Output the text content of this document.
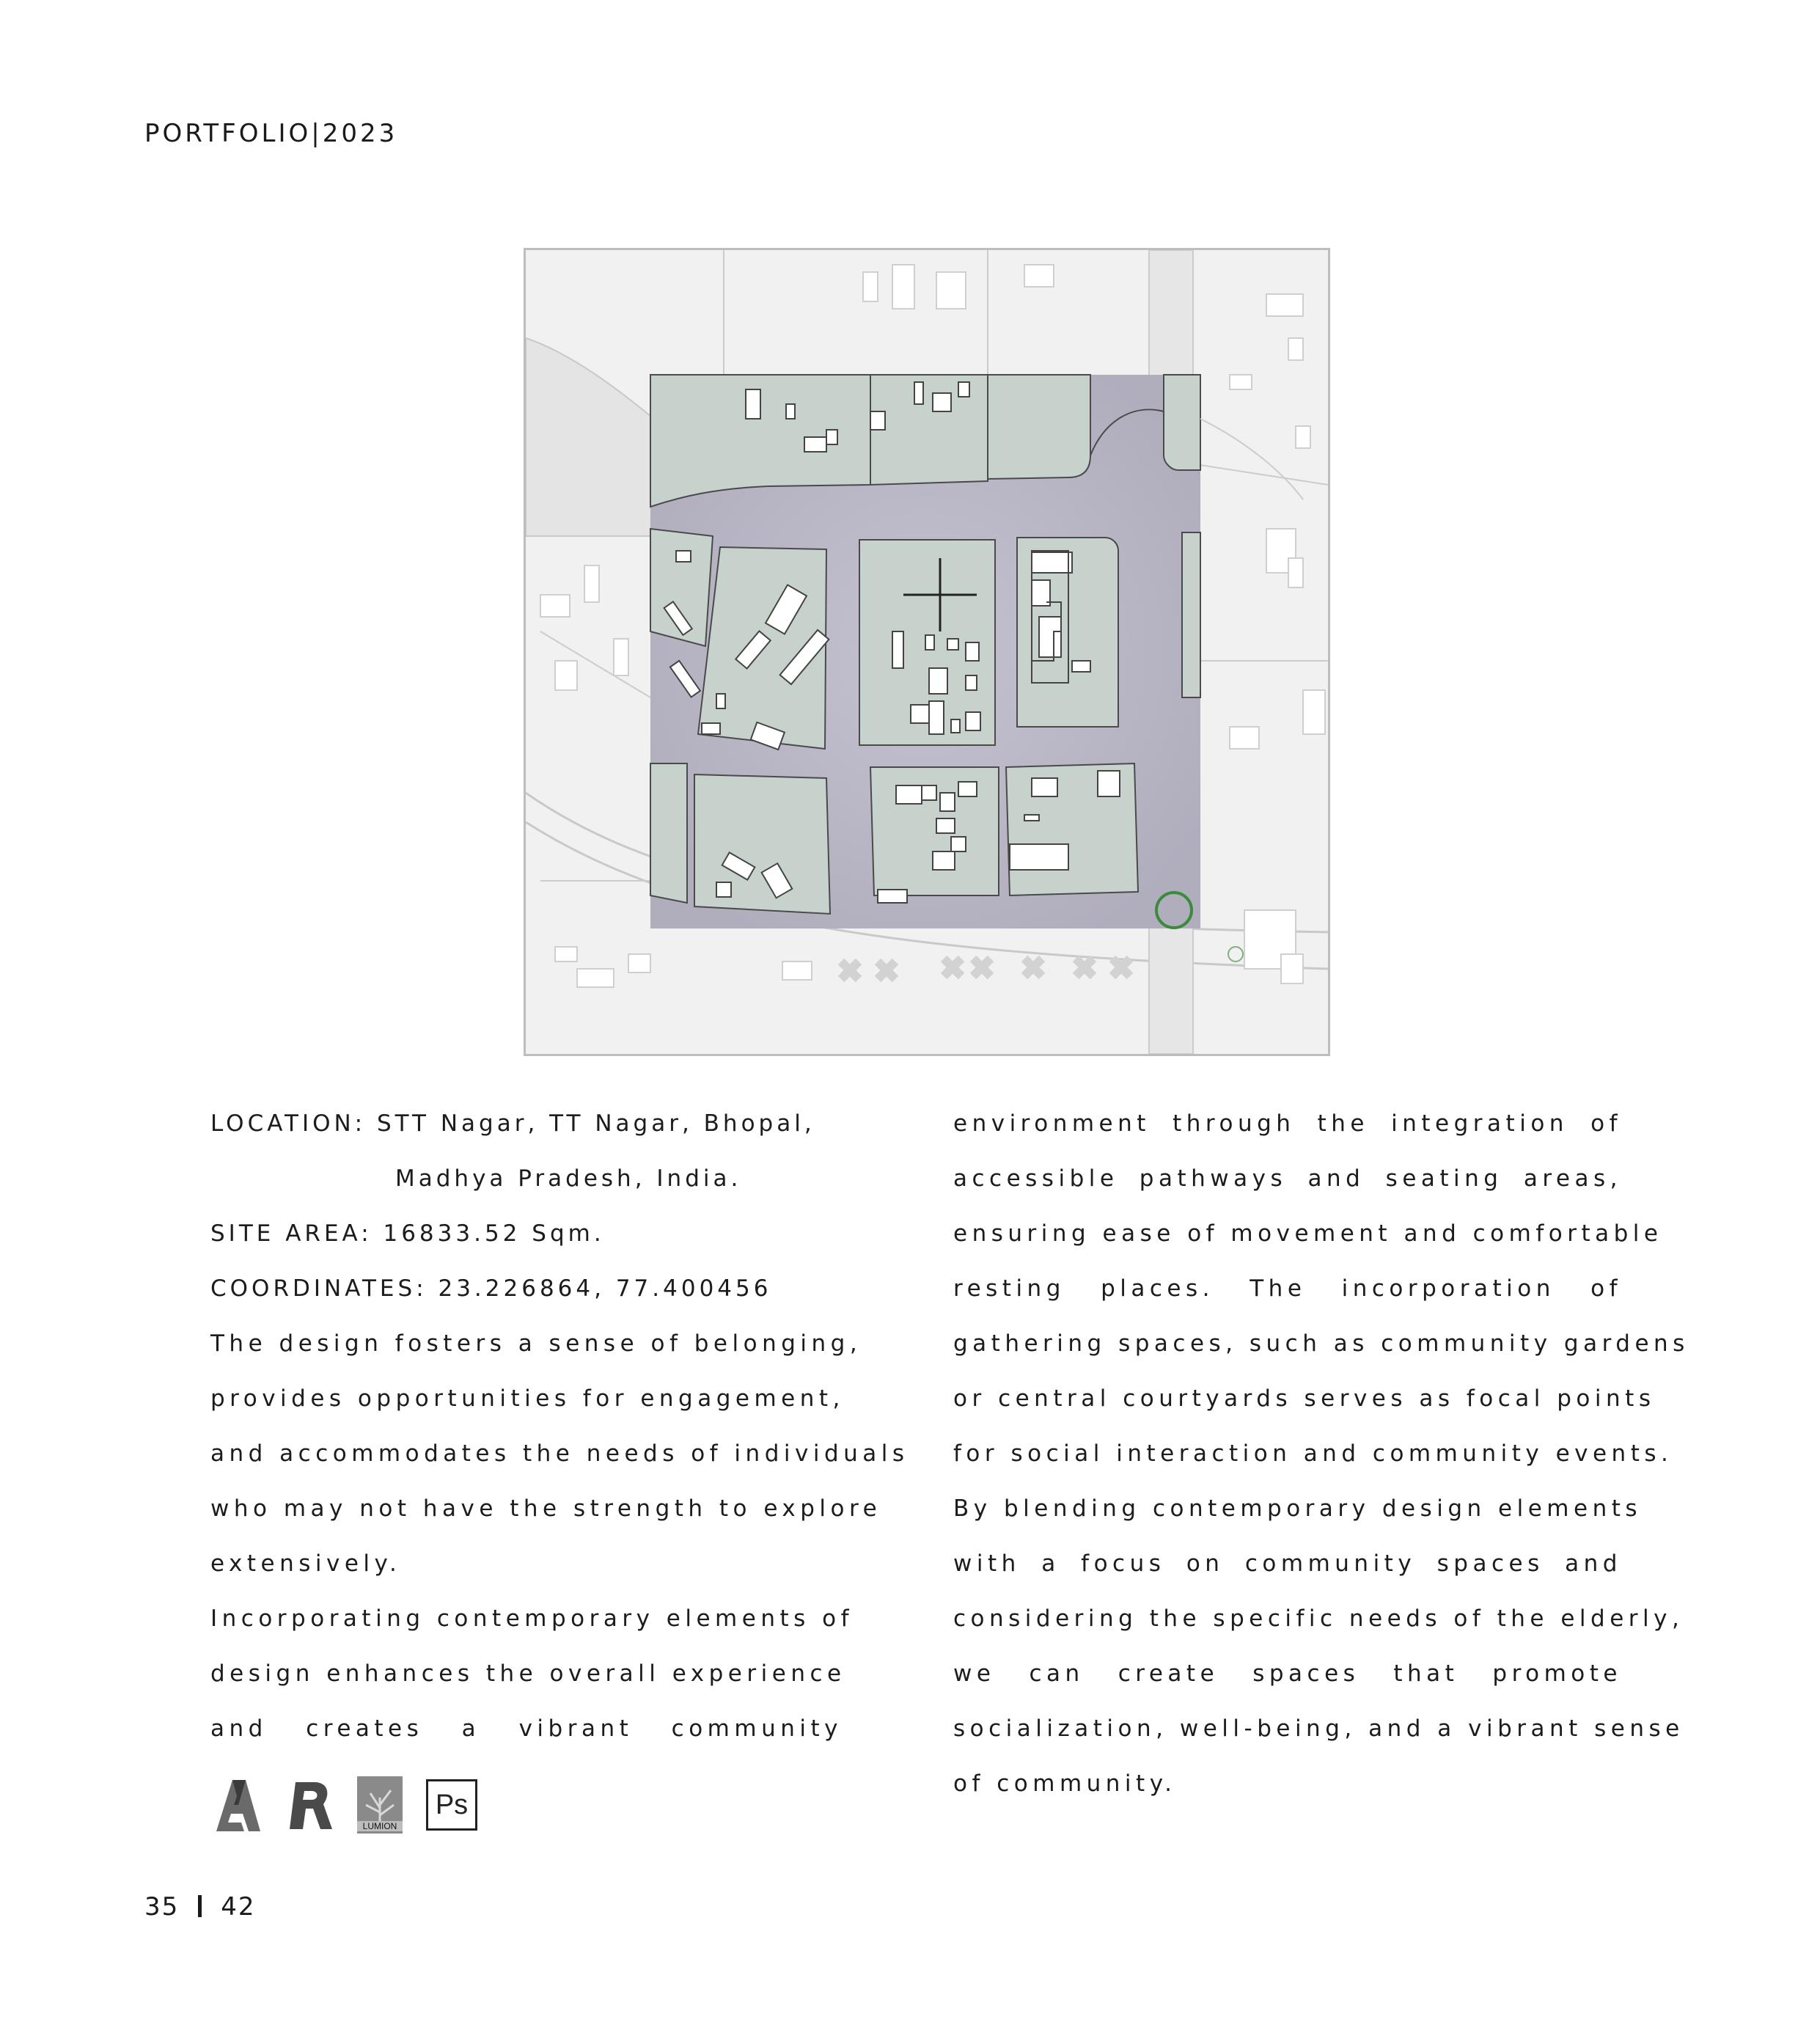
PORTFOLIO|2023
LOCATION: STT Nagar, TT Nagar, Bhopal,
Madhya Pradesh, India.
SITE AREA: 16833.52 Sqm.
COORDINATES: 23.226864, 77.400456
The design fosters a sense of belonging,
provides opportunities for engagement,
and accommodates the needs of individuals
who may not have the strength to explore
extensively.
Incorporating contemporary elements of
design enhances the overall experience
and creates a vibrant community
environment through the integration of
accessible pathways and seating areas,
ensuring ease of movement and comfortable
resting places. The incorporation of
gathering spaces, such as community gardens
or central courtyards serves as focal points
for social interaction and community events.
By blending contemporary design elements
with a focus on community spaces and
considering the specific needs of the elderly,
we can create spaces that promote
socialization, well-being, and a vibrant sense
of community.
LUMION
Ps
35 42
